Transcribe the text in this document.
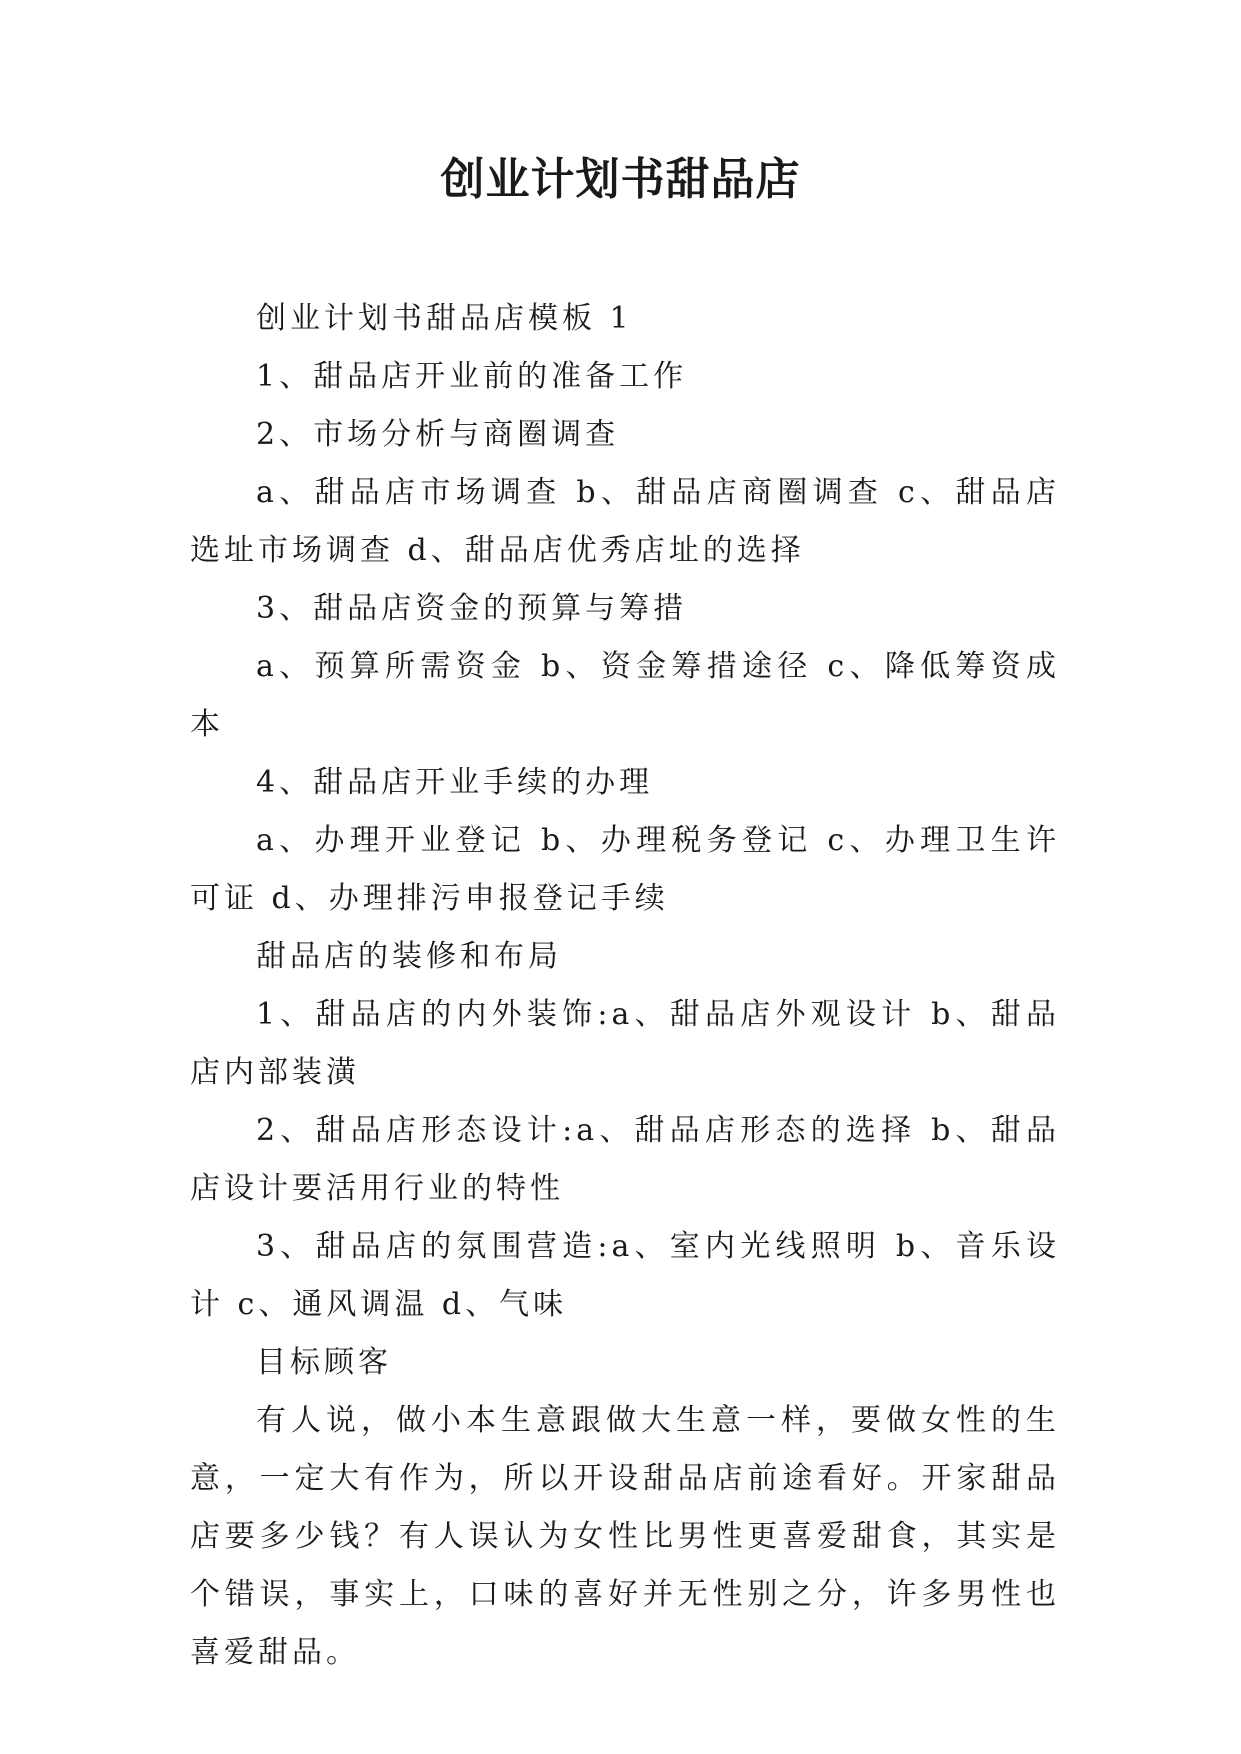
创业计划书甜品店

创业计划书甜品店模板 1

1、甜品店开业前的准备工作

2、市场分析与商圈调查

a、甜品店市场调查 b、甜品店商圈调查 c、甜品店选址市场调查 d、甜品店优秀店址的选择

3、甜品店资金的预算与筹措

a、预算所需资金 b、资金筹措途径 c、降低筹资成本

4、甜品店开业手续的办理

a、办理开业登记 b、办理税务登记 c、办理卫生许可证 d、办理排污申报登记手续

甜品店的装修和布局

1、甜品店的内外装饰:a、甜品店外观设计 b、甜品店内部装潢

2、甜品店形态设计:a、甜品店形态的选择 b、甜品店设计要活用行业的特性

3、甜品店的氛围营造:a、室内光线照明 b、音乐设计 c、通风调温 d、气味

目标顾客

有人说，做小本生意跟做大生意一样，要做女性的生意，一定大有作为，所以开设甜品店前途看好。开家甜品店要多少钱？有人误认为女性比男性更喜爱甜食，其实是个错误，事实上，口味的喜好并无性别之分，许多男性也喜爱甜品。
